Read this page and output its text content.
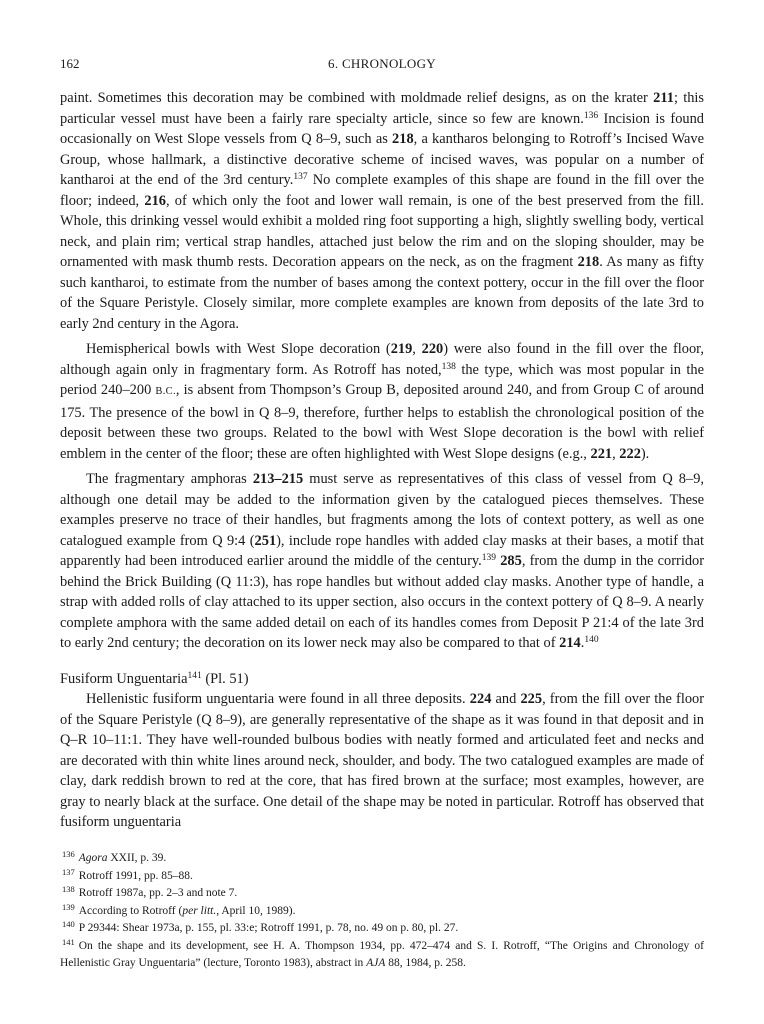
162	6. CHRONOLOGY

paint. Sometimes this decoration may be combined with moldmade relief designs, as on the krater 211; this particular vessel must have been a fairly rare specialty article, since so few are known.$^{136}$ Incision is found occasionally on West Slope vessels from Q 8–9, such as 218, a kantharos belonging to Rotroff’s Incised Wave Group, whose hallmark, a distinctive decorative scheme of incised waves, was popular on a number of kantharoi at the end of the 3rd century.$^{137}$ No complete examples of this shape are found in the fill over the floor; indeed, 216, of which only the foot and lower wall remain, is one of the best preserved from the fill. Whole, this drinking vessel would exhibit a molded ring foot supporting a high, slightly swelling body, vertical neck, and plain rim; vertical strap handles, attached just below the rim and on the sloping shoulder, may be ornamented with mask thumb rests. Decoration appears on the neck, as on the fragment 218. As many as fifty such kantharoi, to estimate from the number of bases among the context pottery, occur in the fill over the floor of the Square Peristyle. Closely similar, more complete examples are known from deposits of the late 3rd to early 2nd century in the Agora.

Hemispherical bowls with West Slope decoration (219, 220) were also found in the fill over the floor, although again only in fragmentary form. As Rotroff has noted,$^{138}$ the type, which was most popular in the period 240–200 B.C., is absent from Thompson’s Group B, deposited around 240, and from Group C of around 175. The presence of the bowl in Q 8–9, therefore, further helps to establish the chronological position of the deposit between these two groups. Related to the bowl with West Slope decoration is the bowl with relief emblem in the center of the floor; these are often highlighted with West Slope designs (e.g., 221, 222).

The fragmentary amphoras 213–215 must serve as representatives of this class of vessel from Q 8–9, although one detail may be added to the information given by the catalogued pieces themselves. These examples preserve no trace of their handles, but fragments among the lots of context pottery, as well as one catalogued example from Q 9:4 (251), include rope handles with added clay masks at their bases, a motif that apparently had been introduced earlier around the middle of the century.$^{139}$ 285, from the dump in the corridor behind the Brick Building (Q 11:3), has rope handles but without added clay masks. Another type of handle, a strap with added rolls of clay attached to its upper section, also occurs in the context pottery of Q 8–9. A nearly complete amphora with the same added detail on each of its handles comes from Deposit P 21:4 of the late 3rd to early 2nd century; the decoration on its lower neck may also be compared to that of 214.$^{140}$

Fusiform Unguentaria$^{141}$ (Pl. 51)

Hellenistic fusiform unguentaria were found in all three deposits. 224 and 225, from the fill over the floor of the Square Peristyle (Q 8–9), are generally representative of the shape as it was found in that deposit and in Q–R 10–11:1. They have well-rounded bulbous bodies with neatly formed and articulated feet and necks and are decorated with thin white lines around neck, shoulder, and body. The two catalogued examples are made of clay, dark reddish brown to red at the core, that has fired brown at the surface; most examples, however, are gray to nearly black at the surface. One detail of the shape may be noted in particular. Rotroff has observed that fusiform unguentaria

$^{136}$ Agora XXII, p. 39.

$^{137}$ Rotroff 1991, pp. 85–88.

$^{138}$ Rotroff 1987a, pp. 2–3 and note 7.

$^{139}$ According to Rotroff (per litt., April 10, 1989).

$^{140}$ P 29344: Shear 1973a, p. 155, pl. 33:e; Rotroff 1991, p. 78, no. 49 on p. 80, pl. 27.

$^{141}$ On the shape and its development, see H. A. Thompson 1934, pp. 472–474 and S. I. Rotroff, “The Origins and Chronology of Hellenistic Gray Unguentaria” (lecture, Toronto 1983), abstract in AJA 88, 1984, p. 258.
